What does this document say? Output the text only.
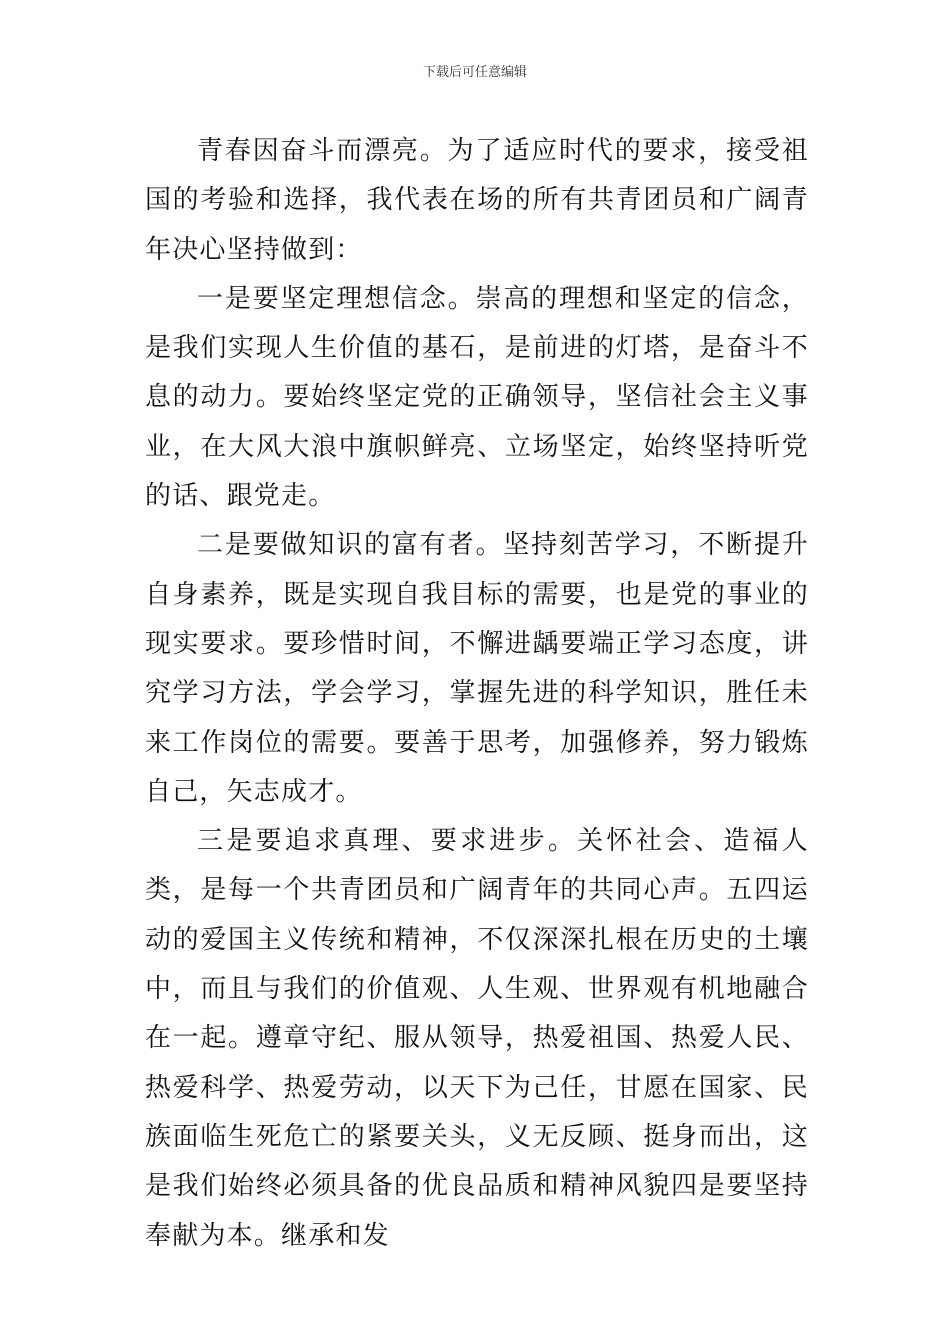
下载后可任意编辑

青春因奋斗而漂亮。为了适应时代的要求，接受祖国的考验和选择，我代表在场的所有共青团员和广阔青年决心坚持做到：

一是要坚定理想信念。崇高的理想和坚定的信念，是我们实现人生价值的基石，是前进的灯塔，是奋斗不息的动力。要始终坚定党的正确领导，坚信社会主义事业，在大风大浪中旗帜鲜亮、立场坚定，始终坚持听党的话、跟党走。

二是要做知识的富有者。坚持刻苦学习，不断提升自身素养，既是实现自我目标的需要，也是党的事业的现实要求。要珍惜时间，不懈进龋要端正学习态度，讲究学习方法，学会学习，掌握先进的科学知识，胜任未来工作岗位的需要。要善于思考，加强修养，努力锻炼自己，矢志成才。

三是要追求真理、要求进步。关怀社会、造福人类，是每一个共青团员和广阔青年的共同心声。五四运动的爱国主义传统和精神，不仅深深扎根在历史的土壤中，而且与我们的价值观、人生观、世界观有机地融合在一起。遵章守纪、服从领导，热爱祖国、热爱人民、热爱科学、热爱劳动，以天下为己任，甘愿在国家、民族面临生死危亡的紧要关头，义无反顾、挺身而出，这是我们始终必须具备的优良品质和精神风貌四是要坚持奉献为本。继承和发
